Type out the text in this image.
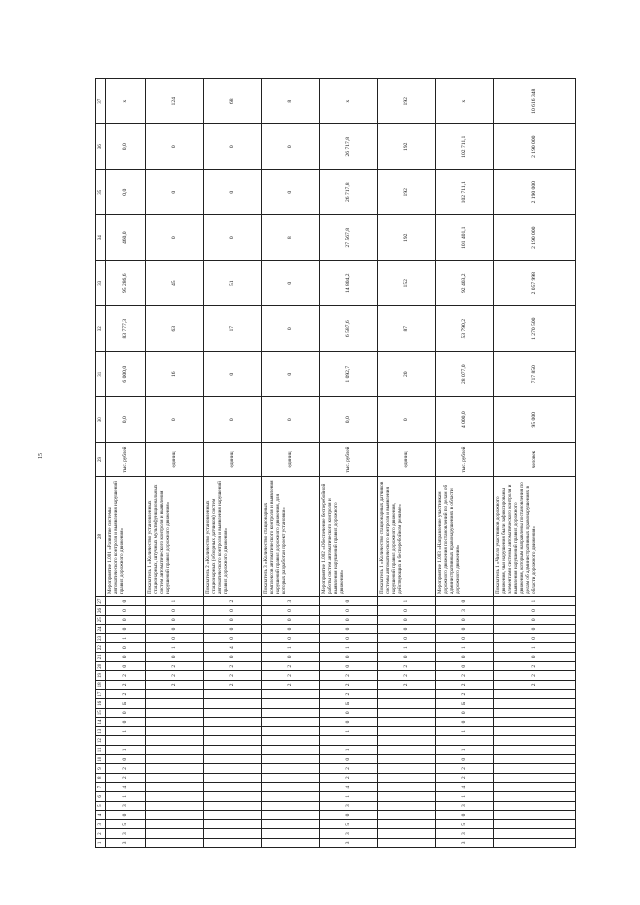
15
1	2	3	4	5	6	7	8	9	10	11	12	13	14	15	16	17	18	19	20	21	22	23	24	25	26	27	28	29	30	31	32	33	34	35	36	37
3	3	5	0	3	1	4	2	2	0	1		1	0	0	Б	2	2	2	0	0	0	1	0	0	0	0	Мероприятие 1.001 «Развитие системы автоматического контроля и выявления нарушений правил дорожного движения»	тыс. рублей	0,0	6 000,0	83 777,3	95 286,6	460,0	0,0	0,0	х
																	2	2	2	0	1	0	0	0	0	1	Показатель 1 «Количество установленных стационарных, штучных мультифункциональных систем автоматического контроля и выявления нарушений правил дорожного движения»	единиц	0	16	63	45	0	0	0	124
																	2	2	2	0	4	0	0	0	0	2	Показатель 2 «Количество установленных стационарных (обзорных датчиков) систем автоматического контроля и выявления нарушений правил дорожного движения»	единиц	0	0	17	51	0	0	0	68
																	2	2	2	0	1	0	0	0	0	3	Показатель 3 «Количество стационарных комплексов автоматического контроля и выявления нарушений правил дорожного движения, для которых разработан проект установки»	единиц	0	0	0	0	8	0	0	8
3	3	5	0	3	1	4	2	2	0	1		1	0	0	Б	2	2	2	0	0	1	0	0	0	0	0	Мероприятие 1.002 «Обеспечение бесперебойной работы систем автоматического контроля и выявления нарушений правил дорожного движения»	тыс. рублей	0,0	1 092,7	6 587,6	14 804,2	27 567,8	26 717,8	26 717,8	х
																	2	2	2	0	1	0	0	0	0	1	Показатель 1 «Количество стационарных датчиков системы автоматического контроля и выявления нарушений правил дорожного движения, действующих в бесперебойном режиме»	единиц	0	20	87	152	192	192	192	192
3	3	5	0	3	1	4	2	2	0	1		1	0	0	Б	2	2	2	0	0	1	0	0	0	3	0	Мероприятие 1.003 «Направление участникам дорожного движения постановлений по делам об административных правонарушениях в области дорожного движения»	тыс. рублей	4 000,0	28 077,0	53 790,2	92 403,2	101 401,1	102 711,1	102 711,1	х
																	2	2	2	0	1	0	0	0	0	1	Показатель 1 «Число участников дорожного движения, чьи нарушения были зафиксированы элементами системы автоматического контроля и выявления нарушений правил дорожного движения, которым направлены постановления по делам об административных правонарушениях в области дорожного движения»	человек	95 000	717 850	1 270 500	2 057 998	2 190 000	2 190 000	2 190 000	10 616 348
